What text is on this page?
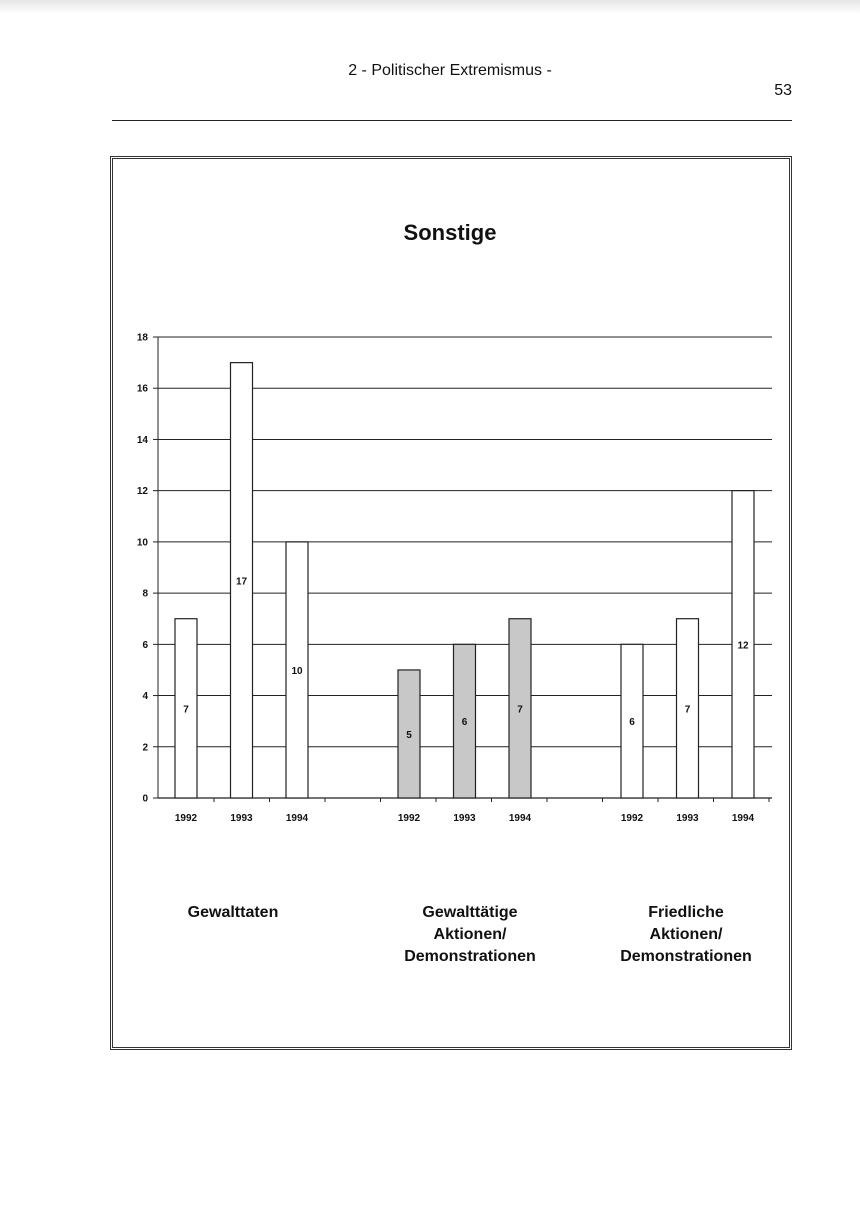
2 - Politischer Extremismus -
53
Sonstige
0
2
4
6
8
10
12
14
16
18
7
1992
17
1993
10
1994
5
1992
6
1993
7
1994
6
1992
7
1993
12
1994
Gewalttaten	Gewalttätige
Aktionen/
Demonstrationen
Friedliche
Aktionen/
Demonstrationen
